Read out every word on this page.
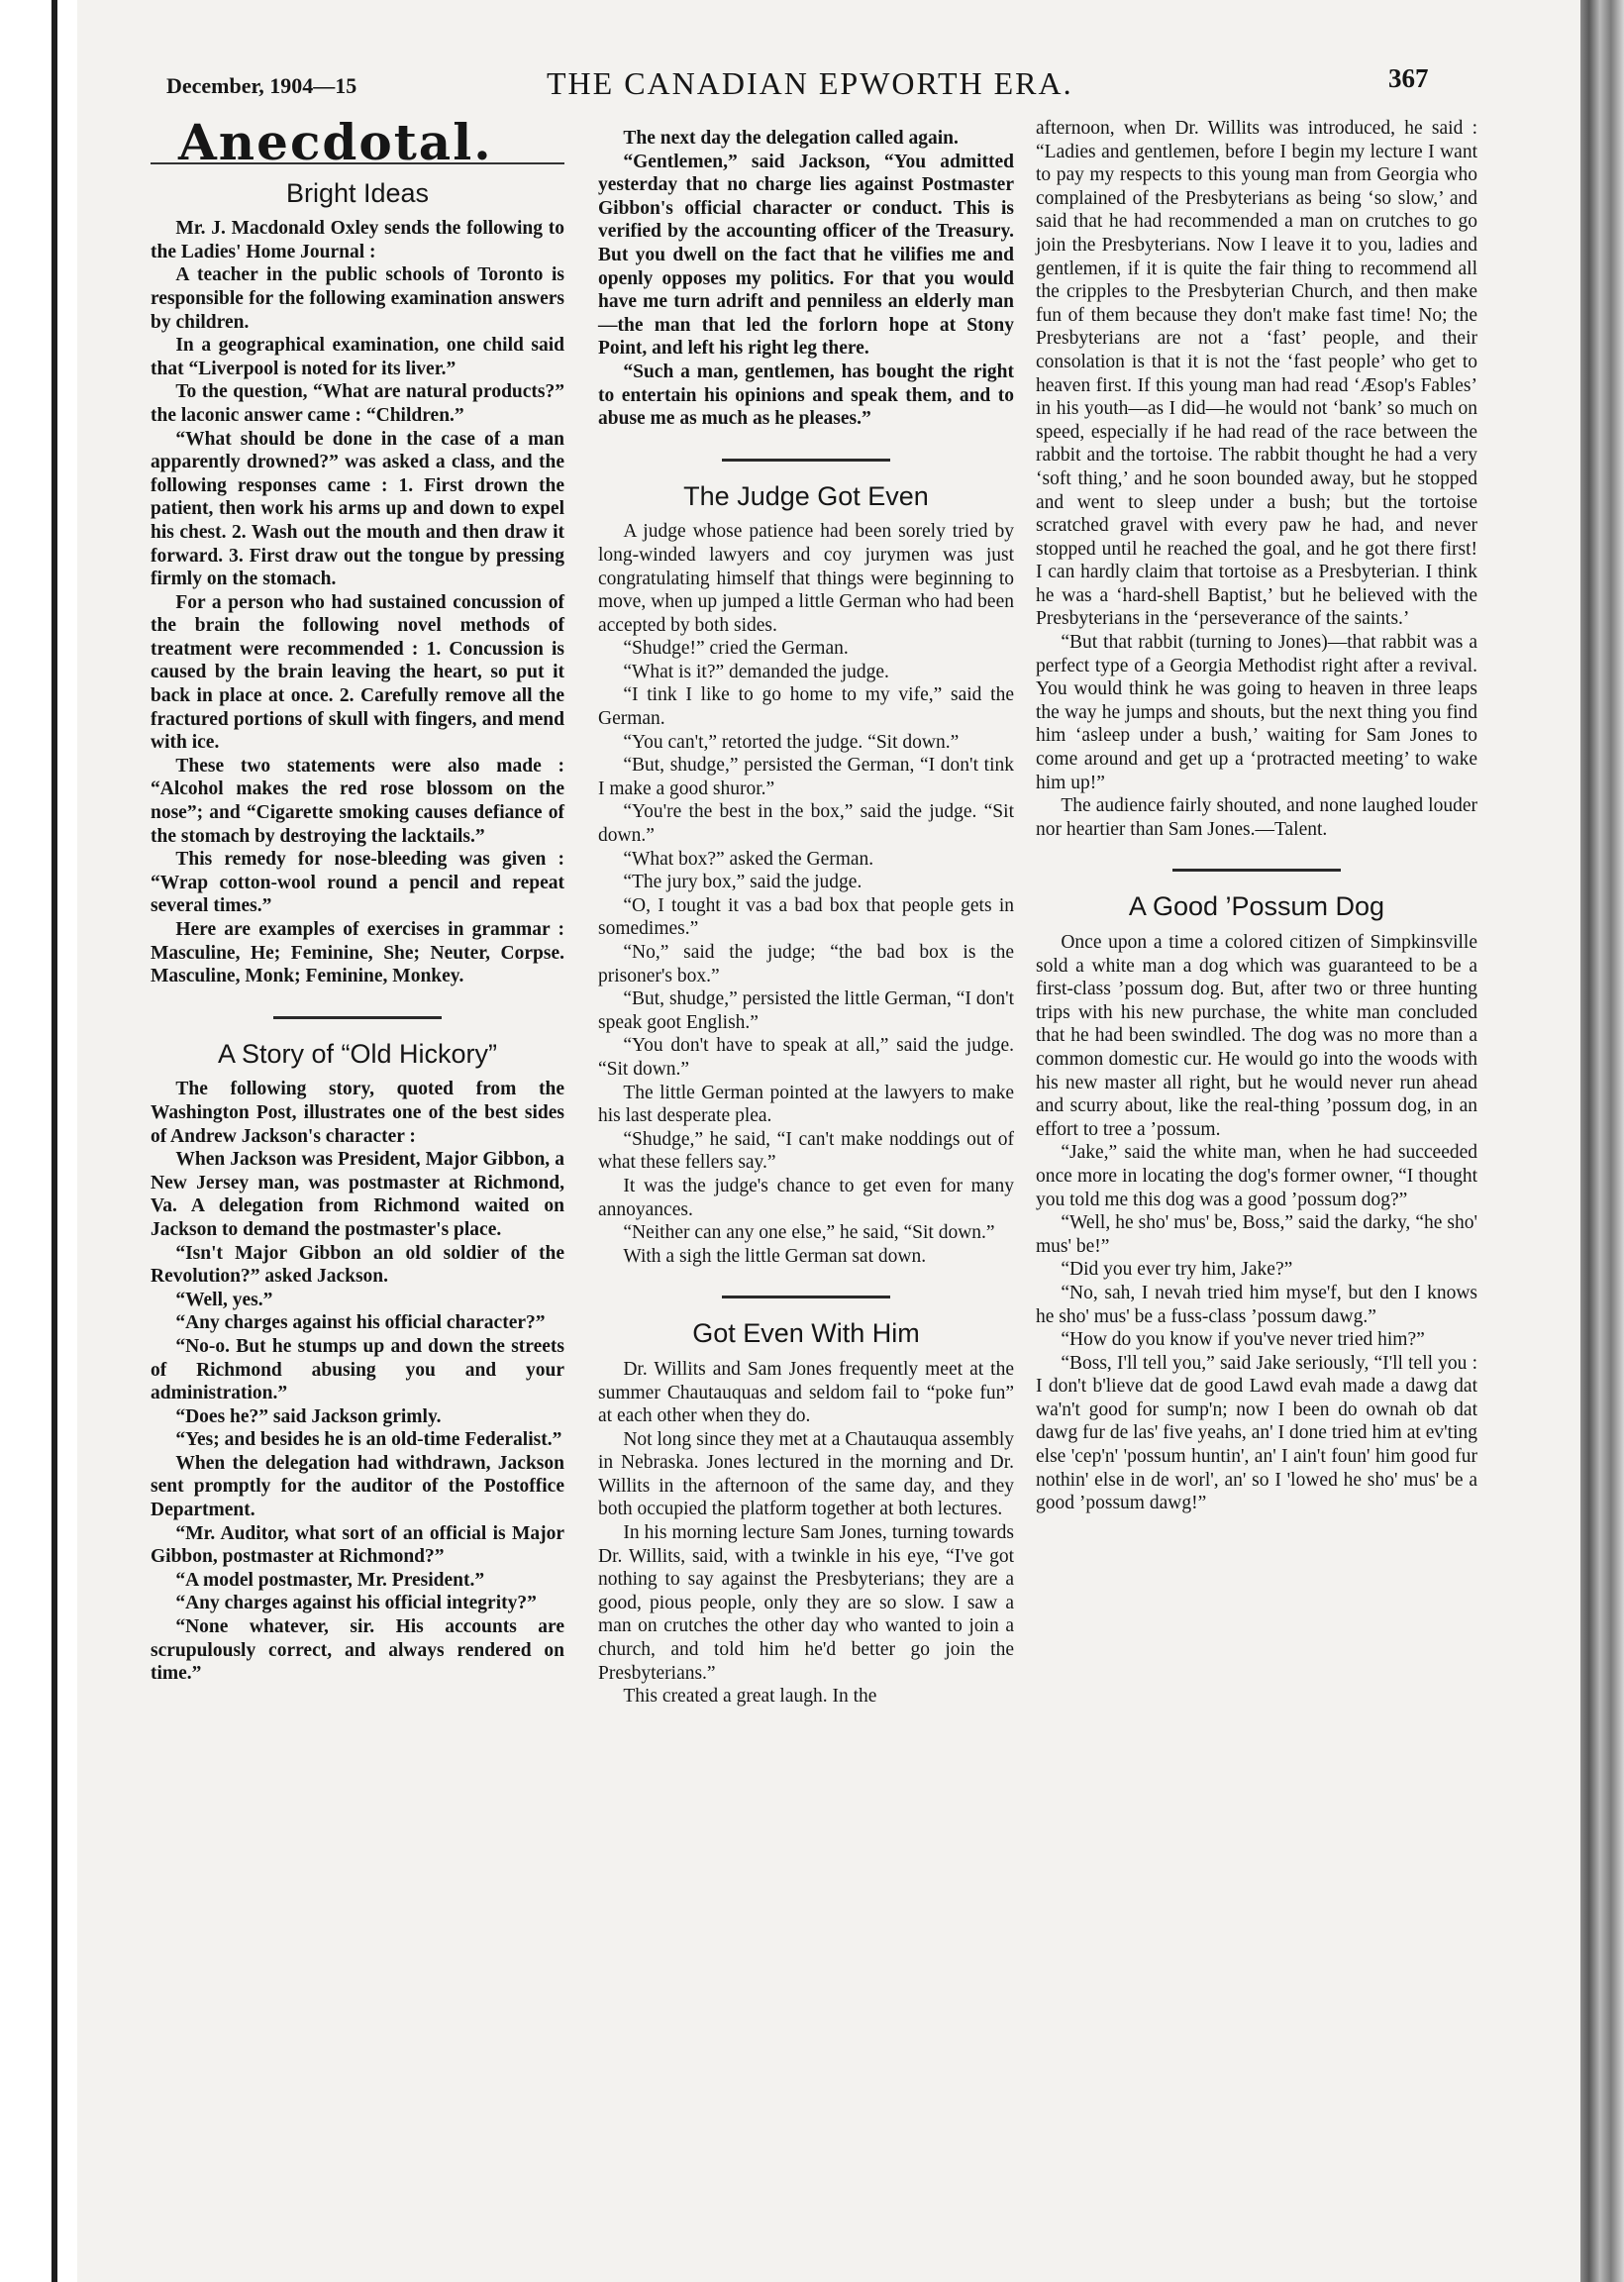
December, 1904—15	THE CANADIAN EPWORTH ERA.	367
Anecdotal.
Bright Ideas

Mr. J. Macdonald Oxley sends the following to the Ladies' Home Journal :

A teacher in the public schools of Toronto is responsible for the following examination answers by children.

In a geographical examination, one child said that “Liverpool is noted for its liver.”

To the question, “What are natural products?” the laconic answer came : “Children.”

“What should be done in the case of a man apparently drowned?” was asked a class, and the following responses came : 1. First drown the patient, then work his arms up and down to expel his chest. 2. Wash out the mouth and then draw it forward. 3. First draw out the tongue by pressing firmly on the stomach.

For a person who had sustained concussion of the brain the following novel methods of treatment were recommended : 1. Concussion is caused by the brain leaving the heart, so put it back in place at once. 2. Carefully remove all the fractured portions of skull with fingers, and mend with ice.

These two statements were also made : “Alcohol makes the red rose blossom on the nose”; and “Cigarette smoking causes defiance of the stomach by destroying the lacktails.”

This remedy for nose-bleeding was given : “Wrap cotton-wool round a pencil and repeat several times.”

Here are examples of exercises in grammar : Masculine, He; Feminine, She; Neuter, Corpse. Masculine, Monk; Feminine, Monkey.

A Story of “Old Hickory”

The following story, quoted from the Washington Post, illustrates one of the best sides of Andrew Jackson's character :

When Jackson was President, Major Gibbon, a New Jersey man, was postmaster at Richmond, Va. A delegation from Richmond waited on Jackson to demand the postmaster's place.

“Isn't Major Gibbon an old soldier of the Revolution?” asked Jackson.

“Well, yes.”

“Any charges against his official character?”

“No-o. But he stumps up and down the streets of Richmond abusing you and your administration.”

“Does he?” said Jackson grimly.

“Yes; and besides he is an old-time Federalist.”

When the delegation had withdrawn, Jackson sent promptly for the auditor of the Postoffice Department.

“Mr. Auditor, what sort of an official is Major Gibbon, postmaster at Richmond?”

“A model postmaster, Mr. President.”

“Any charges against his official integrity?”

“None whatever, sir. His accounts are scrupulously correct, and always rendered on time.”

The next day the delegation called again.

“Gentlemen,” said Jackson, “You admitted yesterday that no charge lies against Postmaster Gibbon's official character or conduct. This is verified by the accounting officer of the Treasury. But you dwell on the fact that he vilifies me and openly opposes my politics. For that you would have me turn adrift and penniless an elderly man—the man that led the forlorn hope at Stony Point, and left his right leg there.

“Such a man, gentlemen, has bought the right to entertain his opinions and speak them, and to abuse me as much as he pleases.”

The Judge Got Even

A judge whose patience had been sorely tried by long-winded lawyers and coy jurymen was just congratulating himself that things were beginning to move, when up jumped a little German who had been accepted by both sides.

“Shudge!” cried the German.

“What is it?” demanded the judge.

“I tink I like to go home to my vife,” said the German.

“You can't,” retorted the judge. “Sit down.”

“But, shudge,” persisted the German, “I don't tink I make a good shuror.”

“You're the best in the box,” said the judge. “Sit down.”

“What box?” asked the German.

“The jury box,” said the judge.

“O, I tought it vas a bad box that people gets in somedimes.”

“No,” said the judge; “the bad box is the prisoner's box.”

“But, shudge,” persisted the little German, “I don't speak goot English.”

“You don't have to speak at all,” said the judge. “Sit down.”

The little German pointed at the lawyers to make his last desperate plea.

“Shudge,” he said, “I can't make noddings out of what these fellers say.”

It was the judge's chance to get even for many annoyances.

“Neither can any one else,” he said, “Sit down.”

With a sigh the little German sat down.

Got Even With Him

Dr. Willits and Sam Jones frequently meet at the summer Chautauquas and seldom fail to “poke fun” at each other when they do.

Not long since they met at a Chautauqua assembly in Nebraska. Jones lectured in the morning and Dr. Willits in the afternoon of the same day, and they both occupied the platform together at both lectures.

In his morning lecture Sam Jones, turning towards Dr. Willits, said, with a twinkle in his eye, “I've got nothing to say against the Presbyterians; they are a good, pious people, only they are so slow. I saw a man on crutches the other day who wanted to join a church, and told him he'd better go join the Presbyterians.”

This created a great laugh. In the

afternoon, when Dr. Willits was introduced, he said : “Ladies and gentlemen, before I begin my lecture I want to pay my respects to this young man from Georgia who complained of the Presbyterians as being ‘so slow,’ and said that he had recommended a man on crutches to go join the Presbyterians. Now I leave it to you, ladies and gentlemen, if it is quite the fair thing to recommend all the cripples to the Presbyterian Church, and then make fun of them because they don't make fast time! No; the Presbyterians are not a ‘fast’ people, and their consolation is that it is not the ‘fast people’ who get to heaven first. If this young man had read ‘Æsop's Fables’ in his youth—as I did—he would not ‘bank’ so much on speed, especially if he had read of the race between the rabbit and the tortoise. The rabbit thought he had a very ‘soft thing,’ and he soon bounded away, but he stopped and went to sleep under a bush; but the tortoise scratched gravel with every paw he had, and never stopped until he reached the goal, and he got there first! I can hardly claim that tortoise as a Presbyterian. I think he was a ‘hard-shell Baptist,’ but he believed with the Presbyterians in the ‘perseverance of the saints.’

“But that rabbit (turning to Jones)—that rabbit was a perfect type of a Georgia Methodist right after a revival. You would think he was going to heaven in three leaps the way he jumps and shouts, but the next thing you find him ‘asleep under a bush,’ waiting for Sam Jones to come around and get up a ‘protracted meeting’ to wake him up!”

The audience fairly shouted, and none laughed louder nor heartier than Sam Jones.—Talent.

A Good ’Possum Dog

Once upon a time a colored citizen of Simpkinsville sold a white man a dog which was guaranteed to be a first-class ’possum dog. But, after two or three hunting trips with his new purchase, the white man concluded that he had been swindled. The dog was no more than a common domestic cur. He would go into the woods with his new master all right, but he would never run ahead and scurry about, like the real-thing ’possum dog, in an effort to tree a ’possum.

“Jake,” said the white man, when he had succeeded once more in locating the dog's former owner, “I thought you told me this dog was a good ’possum dog?”

“Well, he sho' mus' be, Boss,” said the darky, “he sho' mus' be!”

“Did you ever try him, Jake?”

“No, sah, I nevah tried him myse'f, but den I knows he sho' mus' be a fuss-class ’possum dawg.”

“How do you know if you've never tried him?”

“Boss, I'll tell you,” said Jake seriously, “I'll tell you : I don't b'lieve dat de good Lawd evah made a dawg dat wa'n't good for sump'n; now I been do ownah ob dat dawg fur de las' five yeahs, an' I done tried him at ev'ting else 'cep'n' 'possum huntin', an' I ain't foun' him good fur nothin' else in de worl', an' so I 'lowed he sho' mus' be a good ’possum dawg!”
